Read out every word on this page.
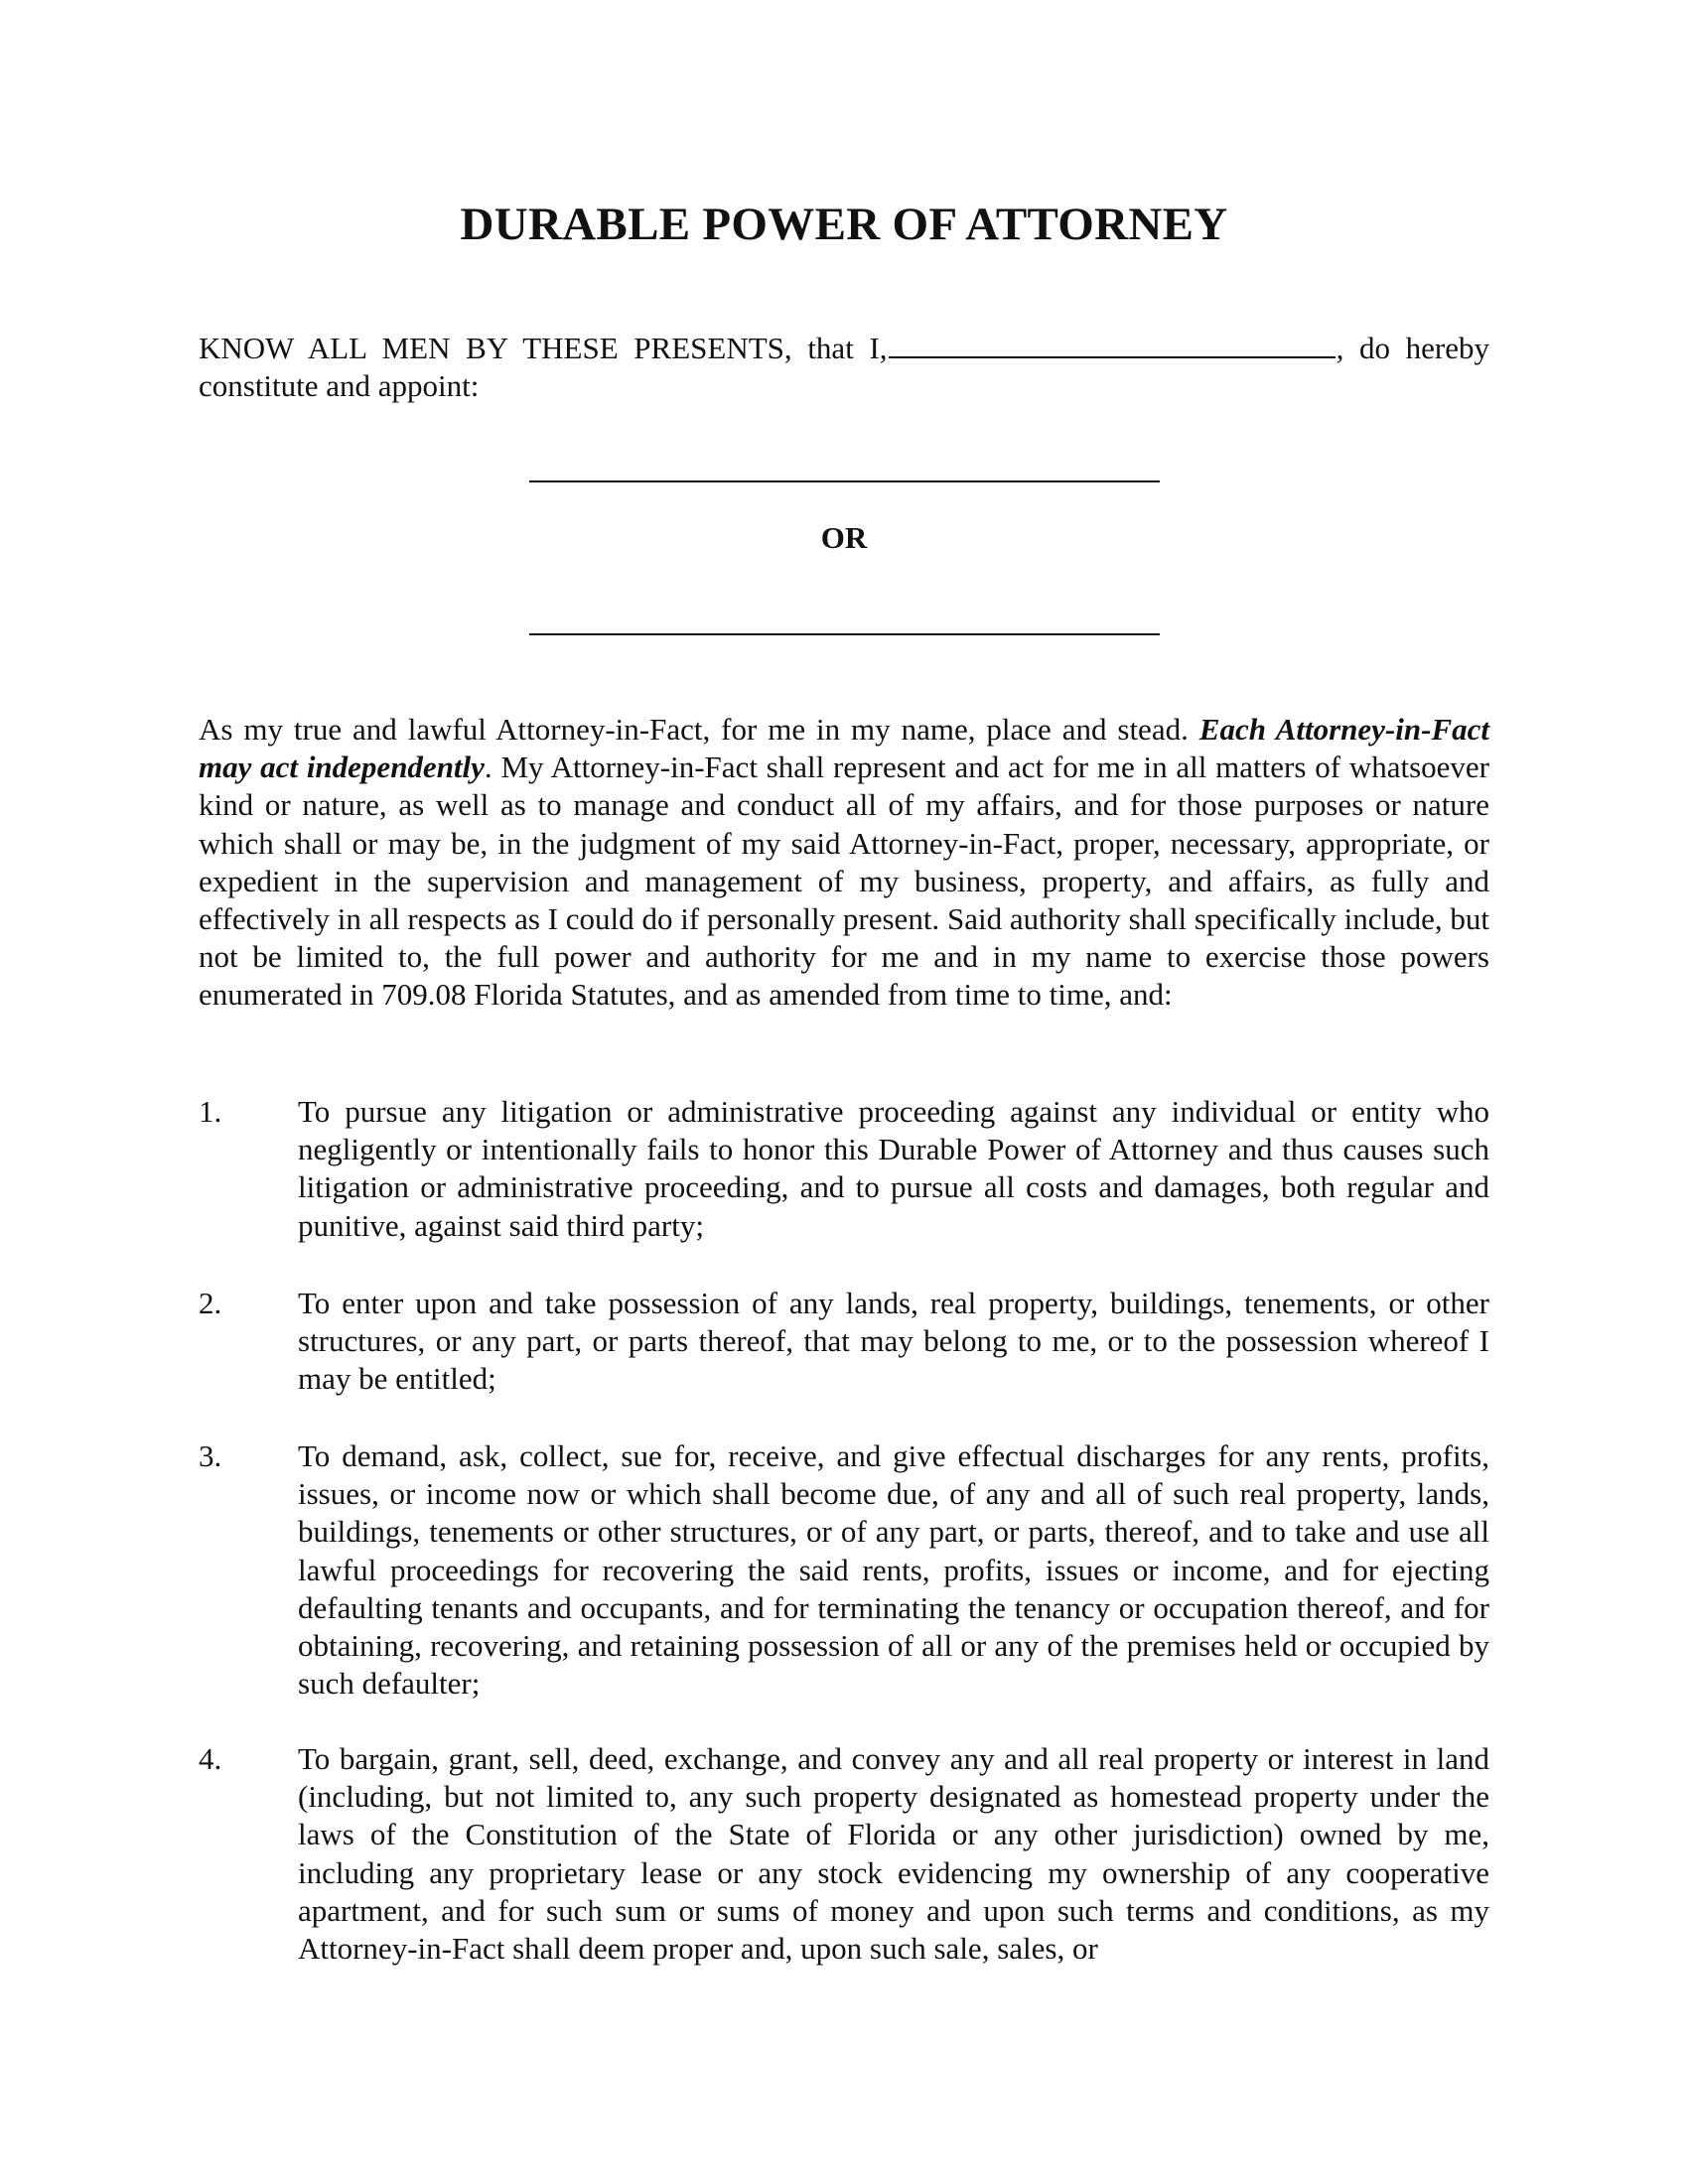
DURABLE POWER OF ATTORNEY
KNOW ALL MEN BY THESE PRESENTS, that I,	, do hereby constitute and appoint:
OR
As my true and lawful Attorney-in-Fact, for me in my name, place and stead. Each Attorney-in-Fact may act independently. My Attorney-in-Fact shall represent and act for me in all matters of whatsoever kind or nature, as well as to manage and conduct all of my affairs, and for those purposes or nature which shall or may be, in the judgment of my said Attorney-in-Fact, proper, necessary, appropriate, or expedient in the supervision and management of my business, property, and affairs, as fully and effectively in all respects as I could do if personally present. Said authority shall specifically include, but not be limited to, the full power and authority for me and in my name to exercise those powers enumerated in 709.08 Florida Statutes, and as amended from time to time, and:
1.	To pursue any litigation or administrative proceeding against any individual or entity who negligently or intentionally fails to honor this Durable Power of Attorney and thus causes such litigation or administrative proceeding, and to pursue all costs and damages, both regular and punitive, against said third party;
2.	To enter upon and take possession of any lands, real property, buildings, tenements, or other structures, or any part, or parts thereof, that may belong to me, or to the possession whereof I may be entitled;
3.	To demand, ask, collect, sue for, receive, and give effectual discharges for any rents, profits, issues, or income now or which shall become due, of any and all of such real property, lands, buildings, tenements or other structures, or of any part, or parts, thereof, and to take and use all lawful proceedings for recovering the said rents, profits, issues or income, and for ejecting defaulting tenants and occupants, and for terminating the tenancy or occupation thereof, and for obtaining, recovering, and retaining possession of all or any of the premises held or occupied by such defaulter;
4.	To bargain, grant, sell, deed, exchange, and convey any and all real property or interest in land (including, but not limited to, any such property designated as homestead property under the laws of the Constitution of the State of Florida or any other jurisdiction) owned by me, including any proprietary lease or any stock evidencing my ownership of any cooperative apartment, and for such sum or sums of money and upon such terms and conditions, as my Attorney-in-Fact shall deem proper and, upon such sale, sales, or
